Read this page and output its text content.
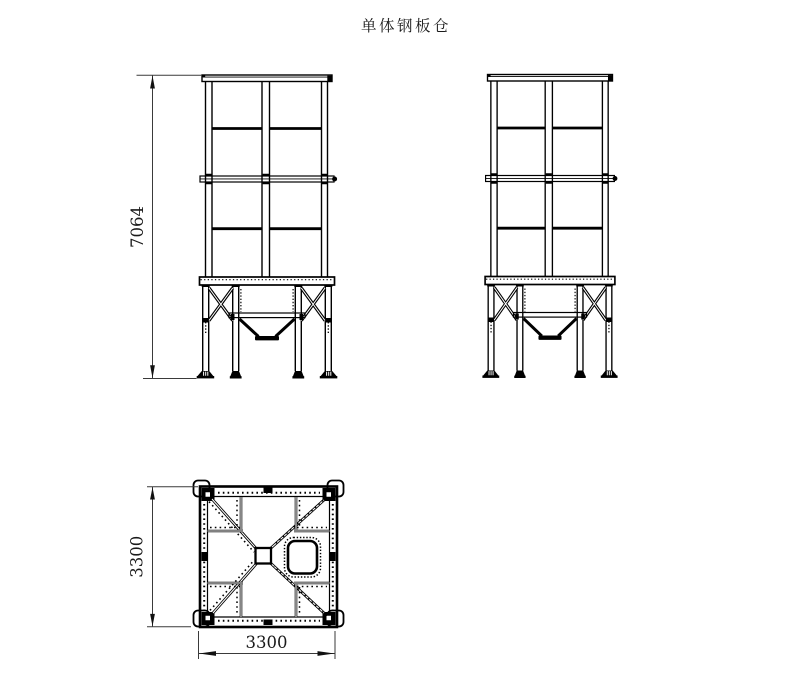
单体钢板仓
7064
3300
3300
